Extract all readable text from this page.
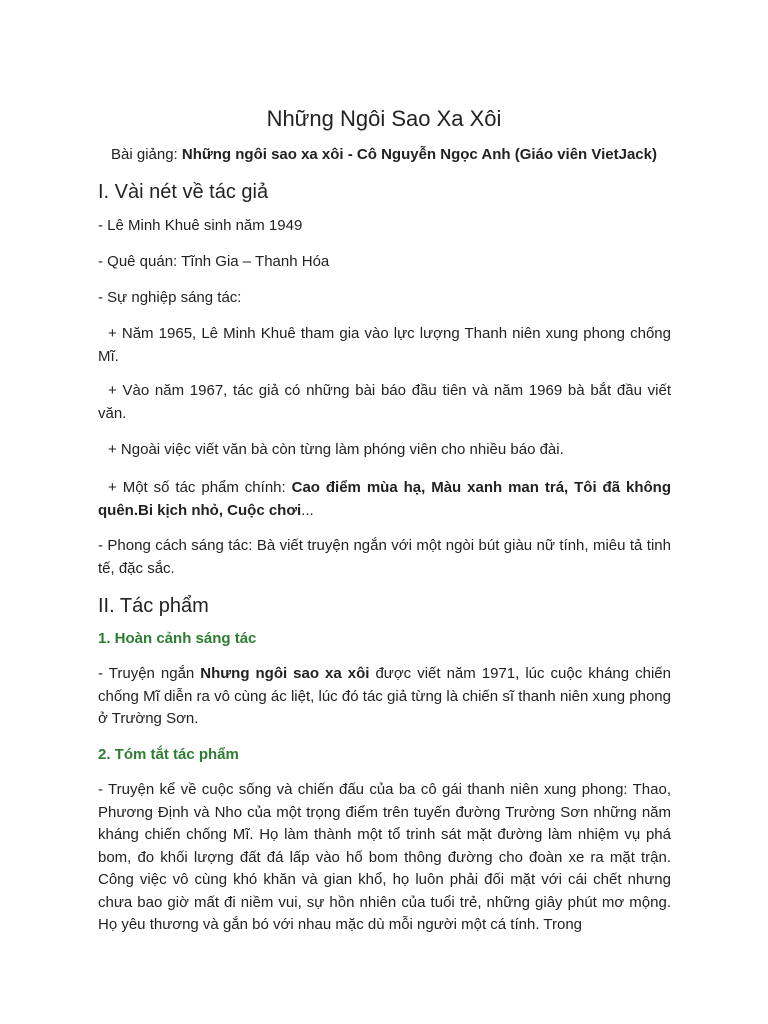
Những Ngôi Sao Xa Xôi
Bài giảng: Những ngôi sao xa xôi - Cô Nguyễn Ngọc Anh (Giáo viên VietJack)
I. Vài nét về tác giả
- Lê Minh Khuê sinh năm 1949
- Quê quán: Tĩnh Gia – Thanh Hóa
- Sự nghiệp sáng tác:
+ Năm 1965, Lê Minh Khuê tham gia vào lực lượng Thanh niên xung phong chống Mĩ.
+ Vào năm 1967, tác giả có những bài báo đầu tiên và năm 1969 bà bắt đầu viết văn.
+ Ngoài việc viết văn bà còn từng làm phóng viên cho nhiều báo đài.
+ Một số tác phẩm chính: Cao điểm mùa hạ, Màu xanh man trá, Tôi đã không quên.Bi kịch nhỏ, Cuộc chơi...
- Phong cách sáng tác: Bà viết truyện ngắn với một ngòi bút giàu nữ tính, miêu tả tinh tế, đặc sắc.
II. Tác phẩm
1. Hoàn cảnh sáng tác
- Truyện ngắn Nhưng ngôi sao xa xôi được viết năm 1971, lúc cuộc kháng chiến chống Mĩ diễn ra vô cùng ác liệt, lúc đó tác giả từng là chiến sĩ thanh niên xung phong ở Trường Sơn.
2. Tóm tắt tác phẩm
- Truyện kể về cuộc sống và chiến đấu của ba cô gái thanh niên xung phong: Thao, Phương Định và Nho của một trọng điểm trên tuyến đường Trường Sơn những năm kháng chiến chống Mĩ. Họ làm thành một tổ trinh sát mặt đường làm nhiệm vụ phá bom, đo khối lượng đất đá lấp vào hố bom thông đường cho đoàn xe ra mặt trận. Công việc vô cùng khó khăn và gian khổ, họ luôn phải đối mặt với cái chết nhưng chưa bao giờ mất đi niềm vui, sự hồn nhiên của tuổi trẻ, những giây phút mơ mộng. Họ yêu thương và gắn bó với nhau mặc dù mỗi người một cá tính. Trong
